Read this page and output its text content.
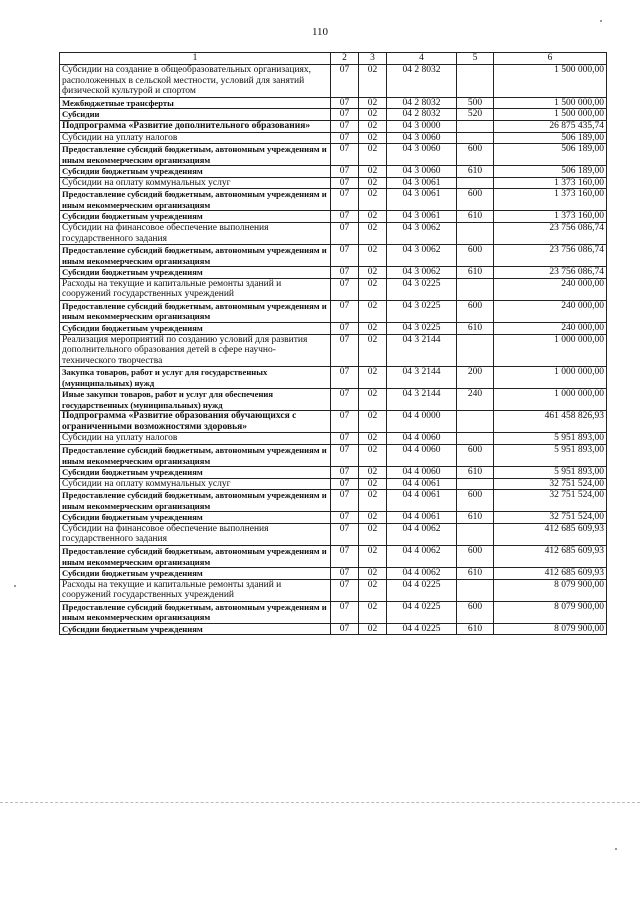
110
1	2	3	4	5	6
Субсидии на создание в общеобразовательных организациях, расположенных в сельской местности, условий для занятий физической культурой и спортом	07	02	04 2 8032		1 500 000,00
Межбюджетные трансферты	07	02	04 2 8032	500	1 500 000,00
Субсидии	07	02	04 2 8032	520	1 500 000,00
Подпрограмма «Развитие дополнительного образования»	07	02	04 3 0000		26 875 435,74
Субсидии на уплату налогов	07	02	04 3 0060		506 189,00
Предоставление субсидий бюджетным, автономным учреждениям и иным некоммерческим организациям	07	02	04 3 0060	600	506 189,00
Субсидии бюджетным учреждениям	07	02	04 3 0060	610	506 189,00
Субсидии на оплату коммунальных услуг	07	02	04 3 0061		1 373 160,00
Предоставление субсидий бюджетным, автономным учреждениям и иным некоммерческим организациям	07	02	04 3 0061	600	1 373 160,00
Субсидии бюджетным учреждениям	07	02	04 3 0061	610	1 373 160,00
Субсидии на финансовое обеспечение выполнения государственного задания	07	02	04 3 0062		23 756 086,74
Предоставление субсидий бюджетным, автономным учреждениям и иным некоммерческим организациям	07	02	04 3 0062	600	23 756 086,74
Субсидии бюджетным учреждениям	07	02	04 3 0062	610	23 756 086,74
Расходы на текущие и капитальные ремонты зданий и сооружений государственных учреждений	07	02	04 3 0225		240 000,00
Предоставление субсидий бюджетным, автономным учреждениям и иным некоммерческим организациям	07	02	04 3 0225	600	240 000,00
Субсидии бюджетным учреждениям	07	02	04 3 0225	610	240 000,00
Реализация мероприятий по созданию условий для развития дополнительного образования детей в сфере научно-технического творчества	07	02	04 3 2144		1 000 000,00
Закупка товаров, работ и услуг для государственных (муниципальных) нужд	07	02	04 3 2144	200	1 000 000,00
Иные закупки товаров, работ и услуг для обеспечения государственных (муниципальных) нужд	07	02	04 3 2144	240	1 000 000,00
Подпрограмма «Развитие образования обучающихся с ограниченными возможностями здоровья»	07	02	04 4 0000		461 458 826,93
Субсидии на уплату налогов	07	02	04 4 0060		5 951 893,00
Предоставление субсидий бюджетным, автономным учреждениям и иным некоммерческим организациям	07	02	04 4 0060	600	5 951 893,00
Субсидии бюджетным учреждениям	07	02	04 4 0060	610	5 951 893,00
Субсидии на оплату коммунальных услуг	07	02	04 4 0061		32 751 524,00
Предоставление субсидий бюджетным, автономным учреждениям и иным некоммерческим организациям	07	02	04 4 0061	600	32 751 524,00
Субсидии бюджетным учреждениям	07	02	04 4 0061	610	32 751 524,00
Субсидии на финансовое обеспечение выполнения государственного задания	07	02	04 4 0062		412 685 609,93
Предоставление субсидий бюджетным, автономным учреждениям и иным некоммерческим организациям	07	02	04 4 0062	600	412 685 609,93
Субсидии бюджетным учреждениям	07	02	04 4 0062	610	412 685 609,93
Расходы на текущие и капитальные ремонты зданий и сооружений государственных учреждений	07	02	04 4 0225		8 079 900,00
Предоставление субсидий бюджетным, автономным учреждениям и иным некоммерческим организациям	07	02	04 4 0225	600	8 079 900,00
Субсидии бюджетным учреждениям	07	02	04 4 0225	610	8 079 900,00
